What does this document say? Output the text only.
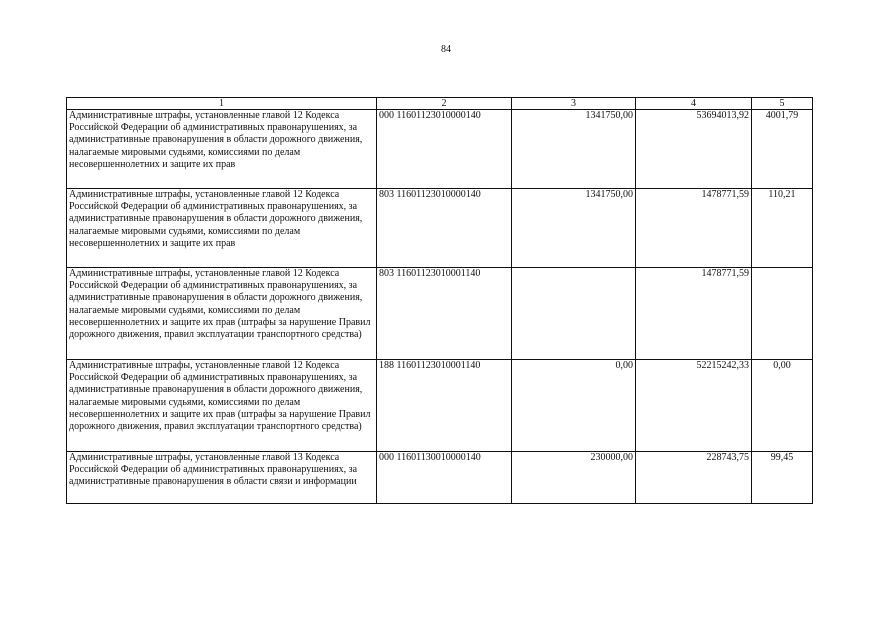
84
1	2	3	4	5
Административные штрафы, установленные главой 12 Кодекса Российской Федерации об административных правонарушениях, за административные правонарушения в области дорожного движения, налагаемые мировыми судьями, комиссиями по делам несовершеннолетних и защите их прав	000 11601123010000140	1341750,00	53694013,92	4001,79
Административные штрафы, установленные главой 12 Кодекса Российской Федерации об административных правонарушениях, за административные правонарушения в области дорожного движения, налагаемые мировыми судьями, комиссиями по делам несовершеннолетних и защите их прав	803 11601123010000140	1341750,00	1478771,59	110,21
Административные штрафы, установленные главой 12 Кодекса Российской Федерации об административных правонарушениях, за административные правонарушения в области дорожного движения, налагаемые мировыми судьями, комиссиями по делам несовершеннолетних и защите их прав (штрафы за нарушение Правил дорожного движения, правил эксплуатации транспортного средства)	803 11601123010001140		1478771,59	
Административные штрафы, установленные главой 12 Кодекса Российской Федерации об административных правонарушениях, за административные правонарушения в области дорожного движения, налагаемые мировыми судьями, комиссиями по делам несовершеннолетних и защите их прав (штрафы за нарушение Правил дорожного движения, правил эксплуатации транспортного средства)	188 11601123010001140	0,00	52215242,33	0,00
Административные штрафы, установленные главой 13 Кодекса Российской Федерации об административных правонарушениях, за административные правонарушения в области связи и информации	000 11601130010000140	230000,00	228743,75	99,45
